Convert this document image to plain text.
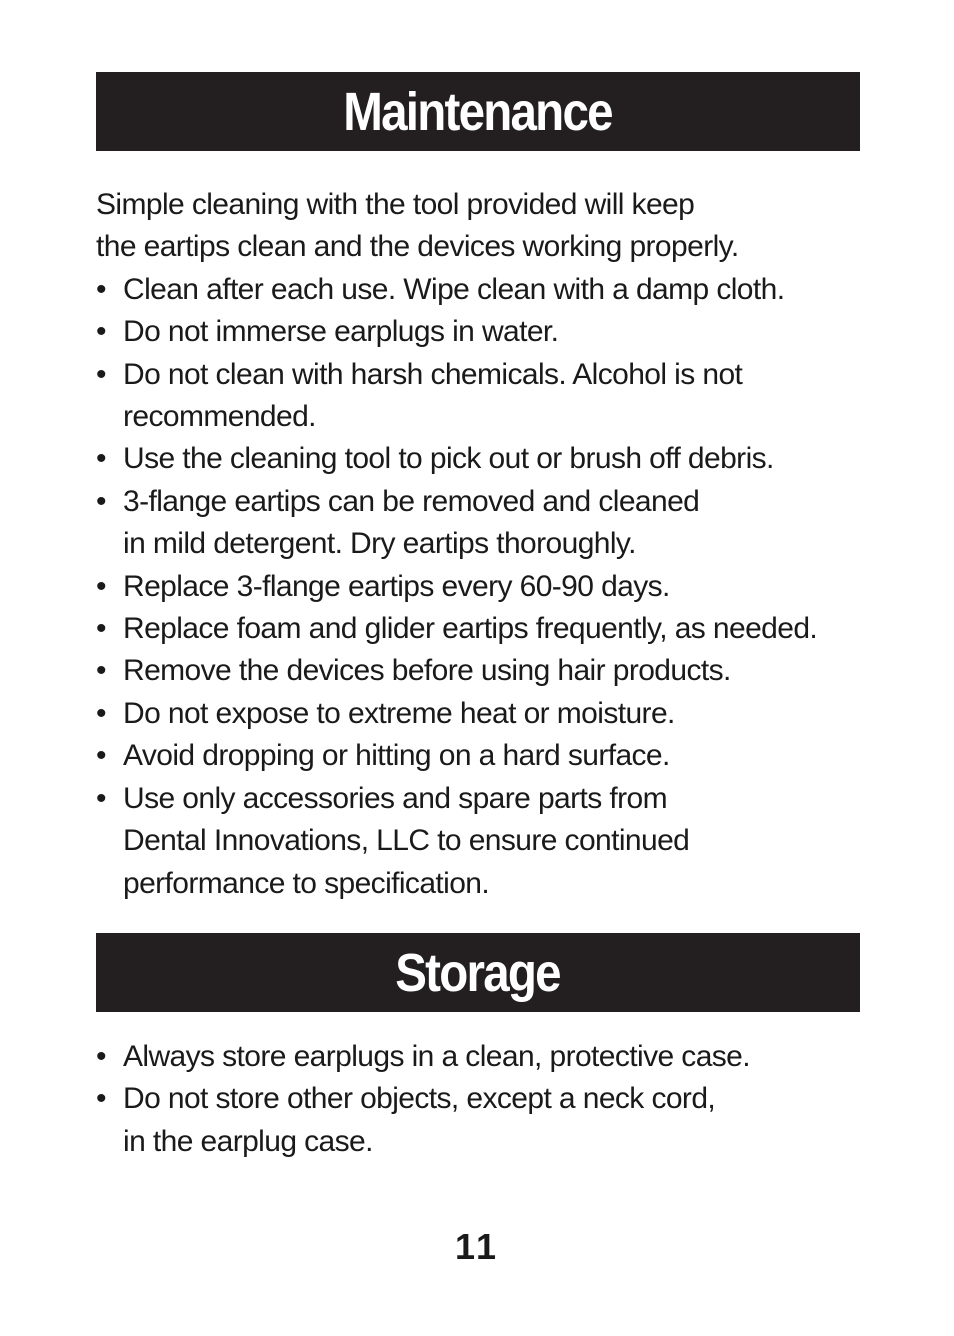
Maintenance

Simple cleaning with the tool provided will keep
the eartips clean and the devices working properly.

• Clean after each use. Wipe clean with a damp cloth.
• Do not immerse earplugs in water.
• Do not clean with harsh chemicals. Alcohol is not
recommended.
• Use the cleaning tool to pick out or brush off debris.
• 3-flange eartips can be removed and cleaned
in mild detergent. Dry eartips thoroughly.
• Replace 3-flange eartips every 60-90 days.
• Replace foam and glider eartips frequently, as needed.
• Remove the devices before using hair products.
• Do not expose to extreme heat or moisture.
• Avoid dropping or hitting on a hard surface.
• Use only accessories and spare parts from
Dental Innovations, LLC to ensure continued
performance to specification.
Storage
• Always store earplugs in a clean, protective case.
• Do not store other objects, except a neck cord,
in the earplug case.
11
